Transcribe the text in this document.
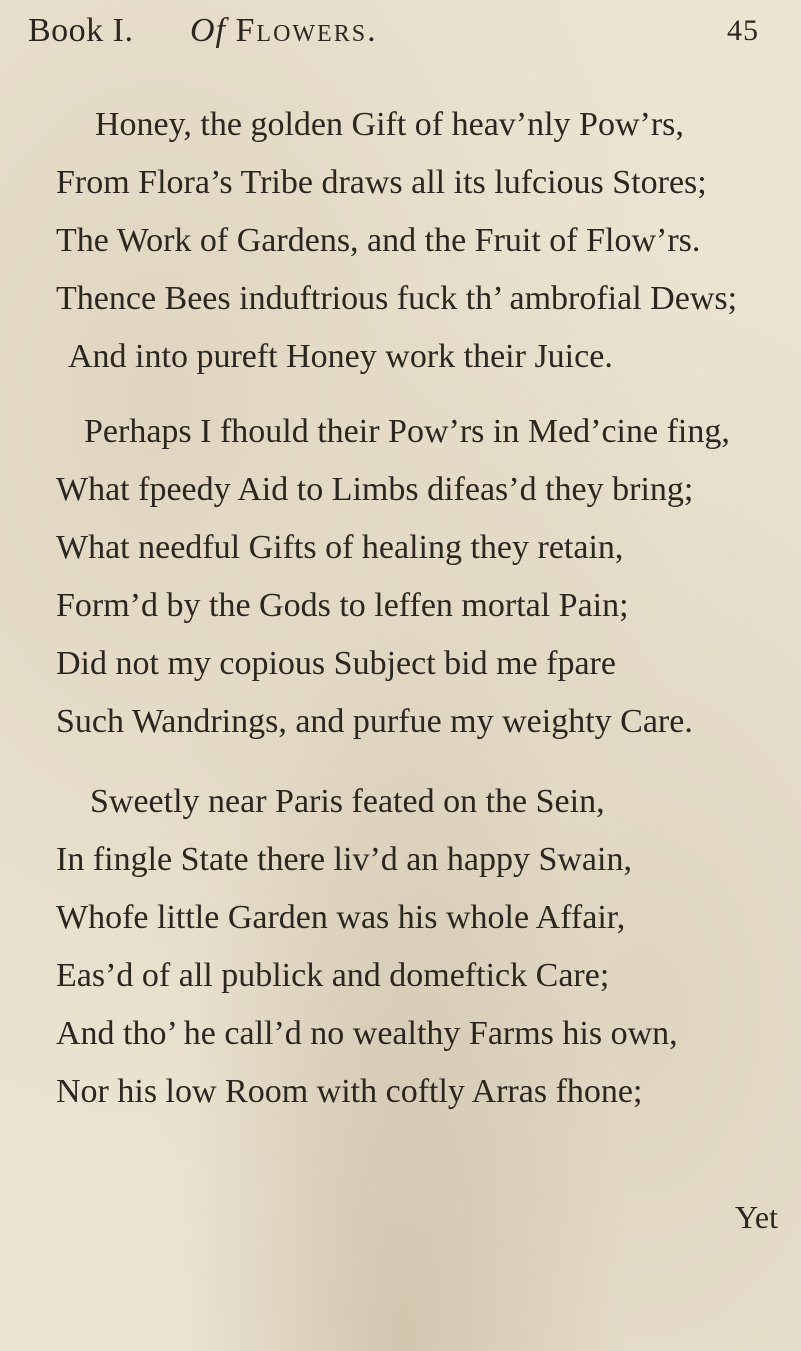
Book I. Of Flowers.	45
Honey, the golden Gift of heav’nly Pow’rs,
From Flora’s Tribe draws all its lufcious Stores;
The Work of Gardens, and the Fruit of Flow’rs.
Thence Bees induftrious fuck th’ ambrofial Dews;
And into pureft Honey work their Juice.
Perhaps I fhould their Pow’rs in Med’cine fing,
What fpeedy Aid to Limbs difeas’d they bring;
What needful Gifts of healing they retain,
Form’d by the Gods to leffen mortal Pain;
Did not my copious Subject bid me fpare
Such Wandrings, and purfue my weighty Care.
Sweetly near Paris feated on the Sein,
In fingle State there liv’d an happy Swain,
Whofe little Garden was his whole Affair,
Eas’d of all publick and domeftick Care;
And tho’ he call’d no wealthy Farms his own,
Nor his low Room with coftly Arras fhone;
Yet
